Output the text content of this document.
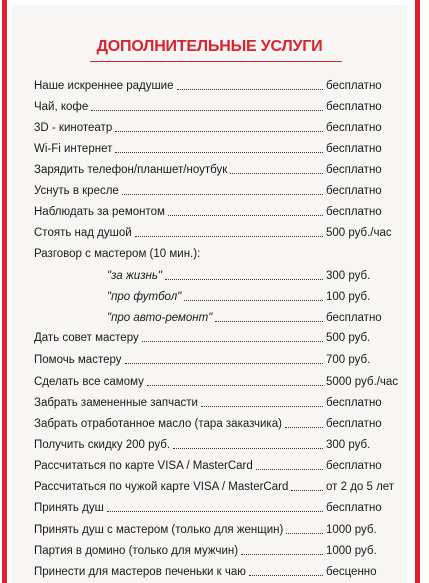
ДОПОЛНИТЕЛЬНЫЕ УСЛУГИ
Наше искреннее радушие	бесплатно
Чай, кофе	бесплатно
3D - кинотеатр	бесплатно
Wi-Fi интернет	бесплатно
Зарядить телефон/планшет/ноутбук	бесплатно
Уснуть в кресле	бесплатно
Наблюдать за ремонтом	бесплатно
Стоять над душой	500 руб./час
Разговор с мастером (10 мин.):
"за жизнь"	300 руб.
"про футбол"	100 руб.
"про авто-ремонт"	бесплатно
Дать совет мастеру	500 руб.
Помочь мастеру	700 руб.
Сделать все самому	5000 руб./час
Забрать замененные запчасти	бесплатно
Забрать отработанное масло (тара заказчика)	бесплатно
Получить скидку 200 руб.	300 руб.
Рассчитаться по карте VISA / MasterCard	бесплатно
Рассчитаться по чужой карте VISA / MasterCard	от 2 до 5 лет
Принять душ	бесплатно
Принять душ с мастером (только для женщин)	1000 руб.
Партия в домино (только для мужчин)	1000 руб.
Принести для мастеров печеньки к чаю	бесценно
